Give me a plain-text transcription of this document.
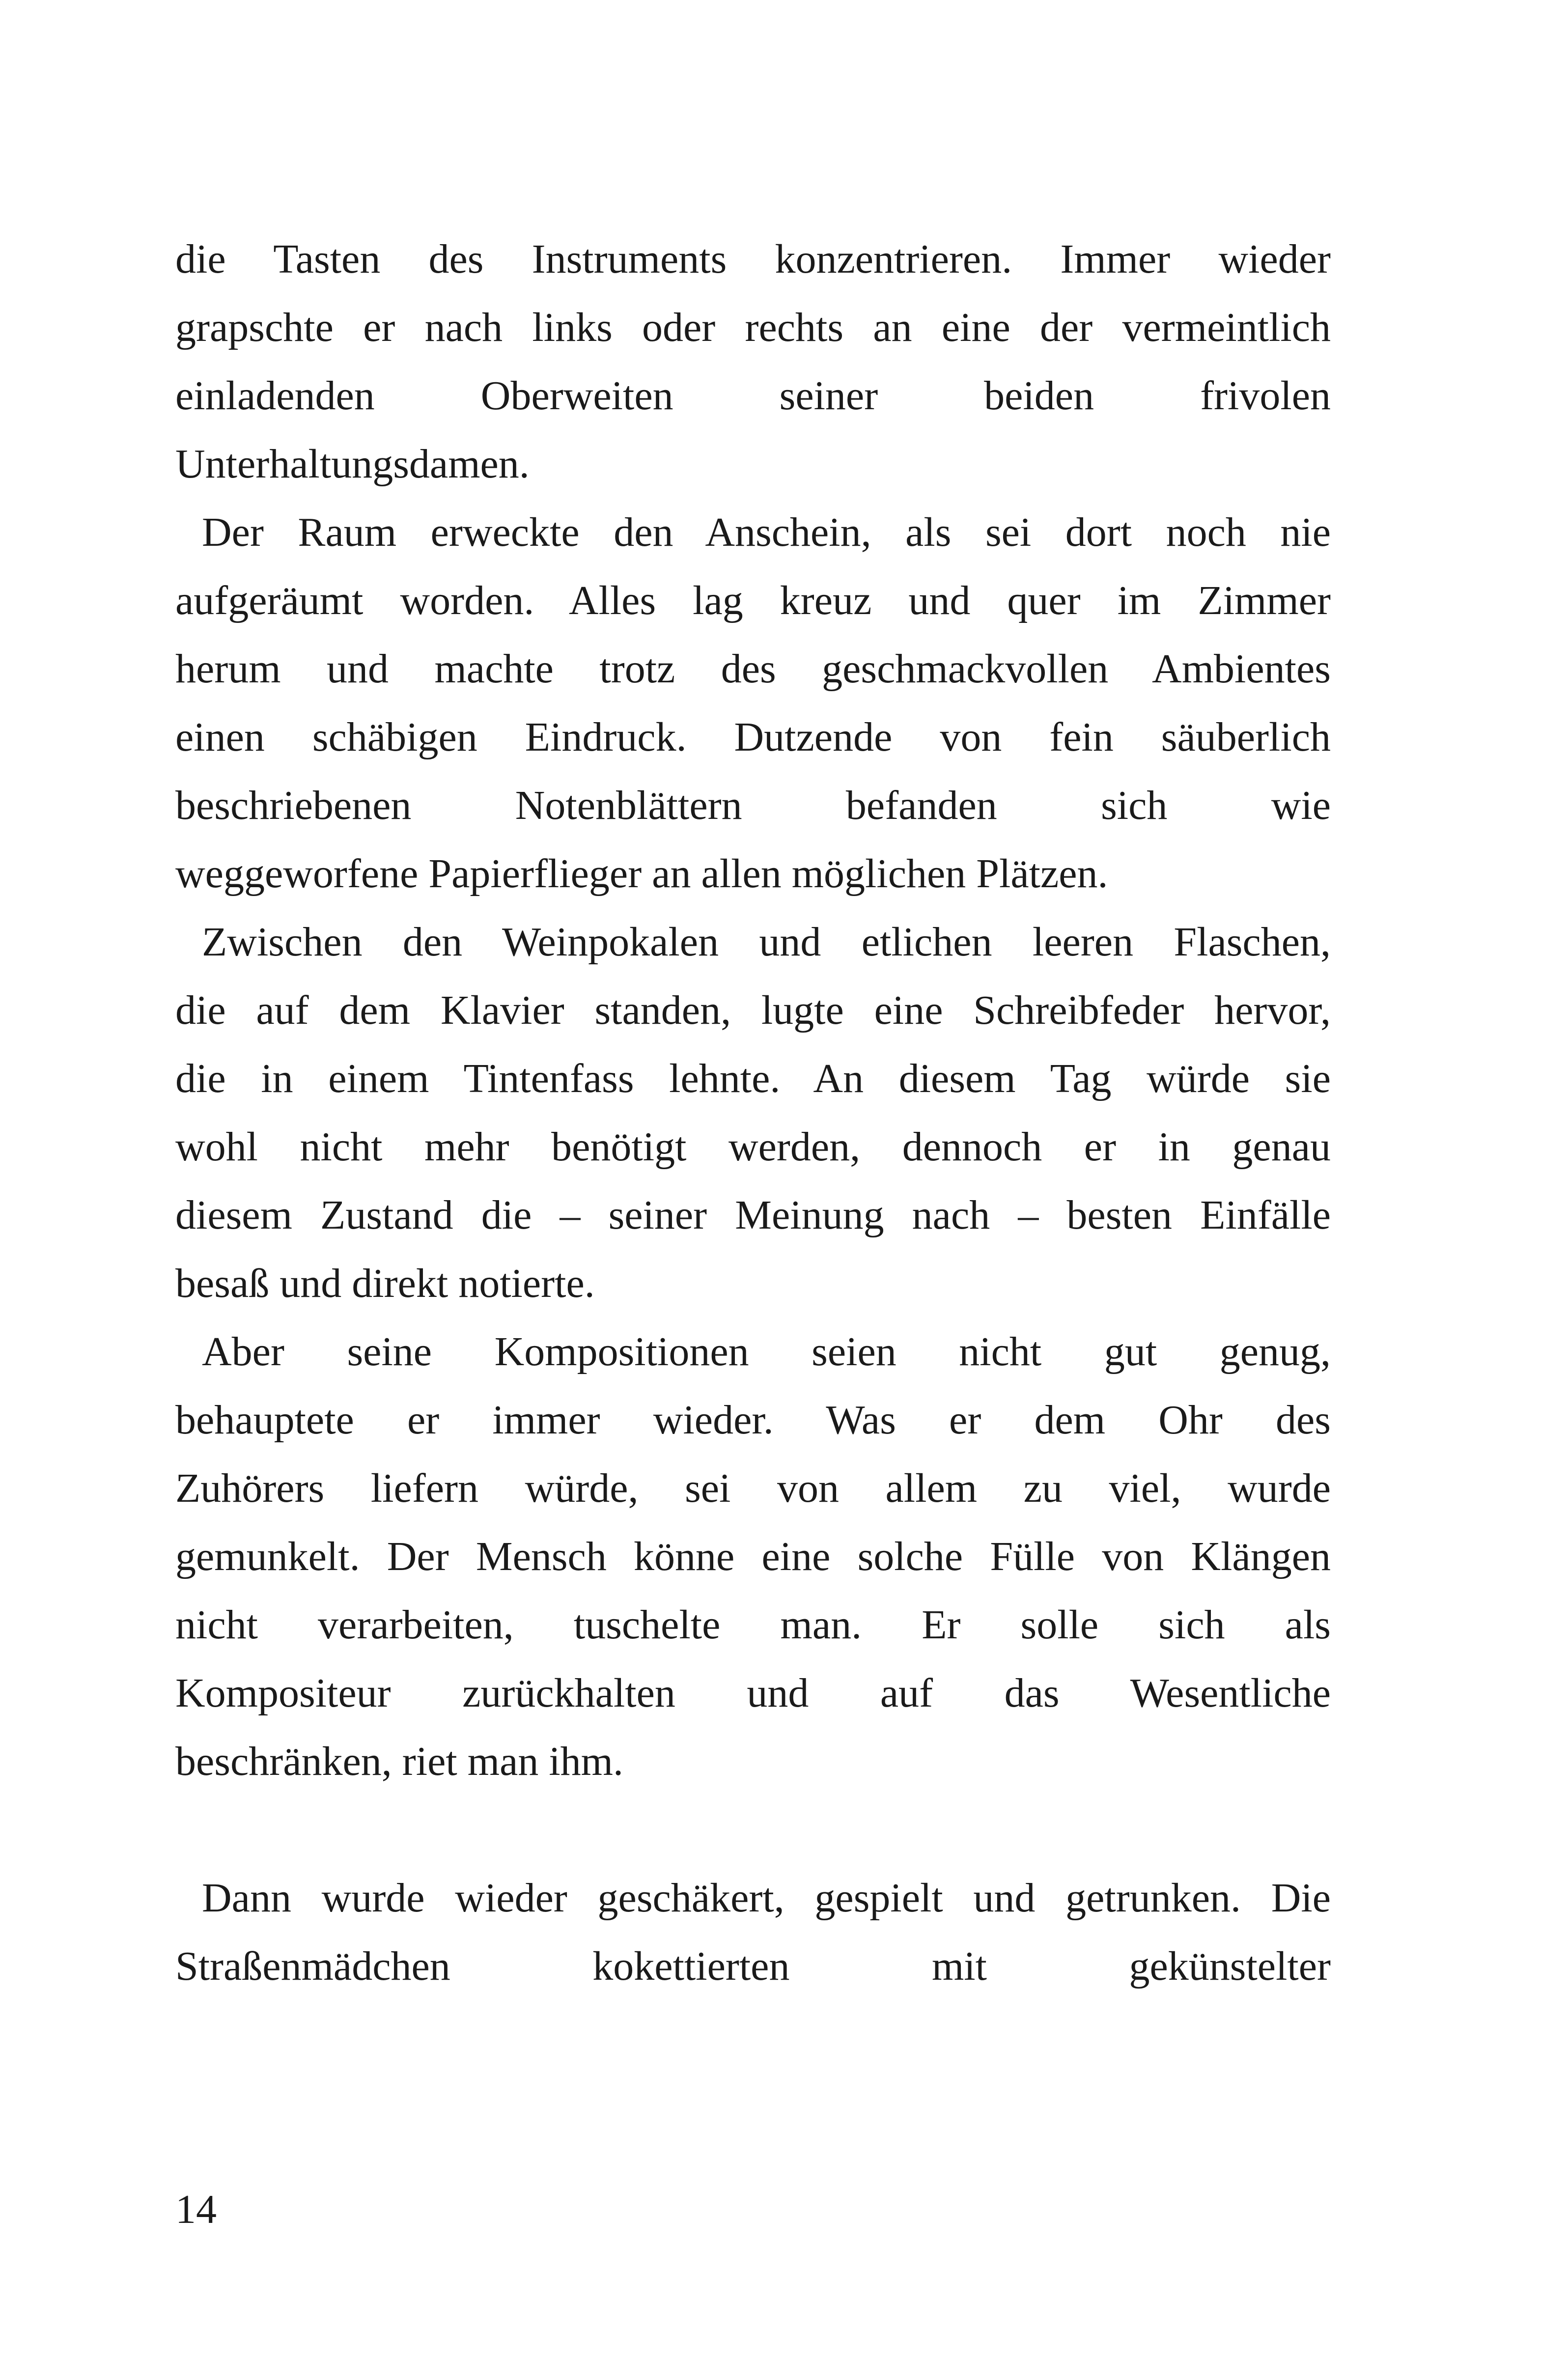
die Tasten des Instruments konzentrieren. Immer wieder
grapschte er nach links oder rechts an eine der vermeintlich
einladenden Oberweiten seiner beiden frivolen
Unterhaltungsdamen.
Der Raum erweckte den Anschein, als sei dort noch nie
aufgeräumt worden. Alles lag kreuz und quer im Zimmer
herum und machte trotz des geschmackvollen Ambientes
einen schäbigen Eindruck. Dutzende von fein säuberlich
beschriebenen Notenblättern befanden sich wie
weggeworfene Papierflieger an allen möglichen Plätzen.
Zwischen den Weinpokalen und etlichen leeren Flaschen,
die auf dem Klavier standen, lugte eine Schreibfeder hervor,
die in einem Tintenfass lehnte. An diesem Tag würde sie
wohl nicht mehr benötigt werden, dennoch er in genau
diesem Zustand die – seiner Meinung nach – besten Einfälle
besaß und direkt notierte.
Aber seine Kompositionen seien nicht gut genug,
behauptete er immer wieder. Was er dem Ohr des
Zuhörers liefern würde, sei von allem zu viel, wurde
gemunkelt. Der Mensch könne eine solche Fülle von Klängen
nicht verarbeiten, tuschelte man. Er solle sich als
Kompositeur zurückhalten und auf das Wesentliche
beschränken, riet man ihm.
Dann wurde wieder geschäkert, gespielt und getrunken. Die
Straßenmädchen kokettierten mit gekünstelter
14
